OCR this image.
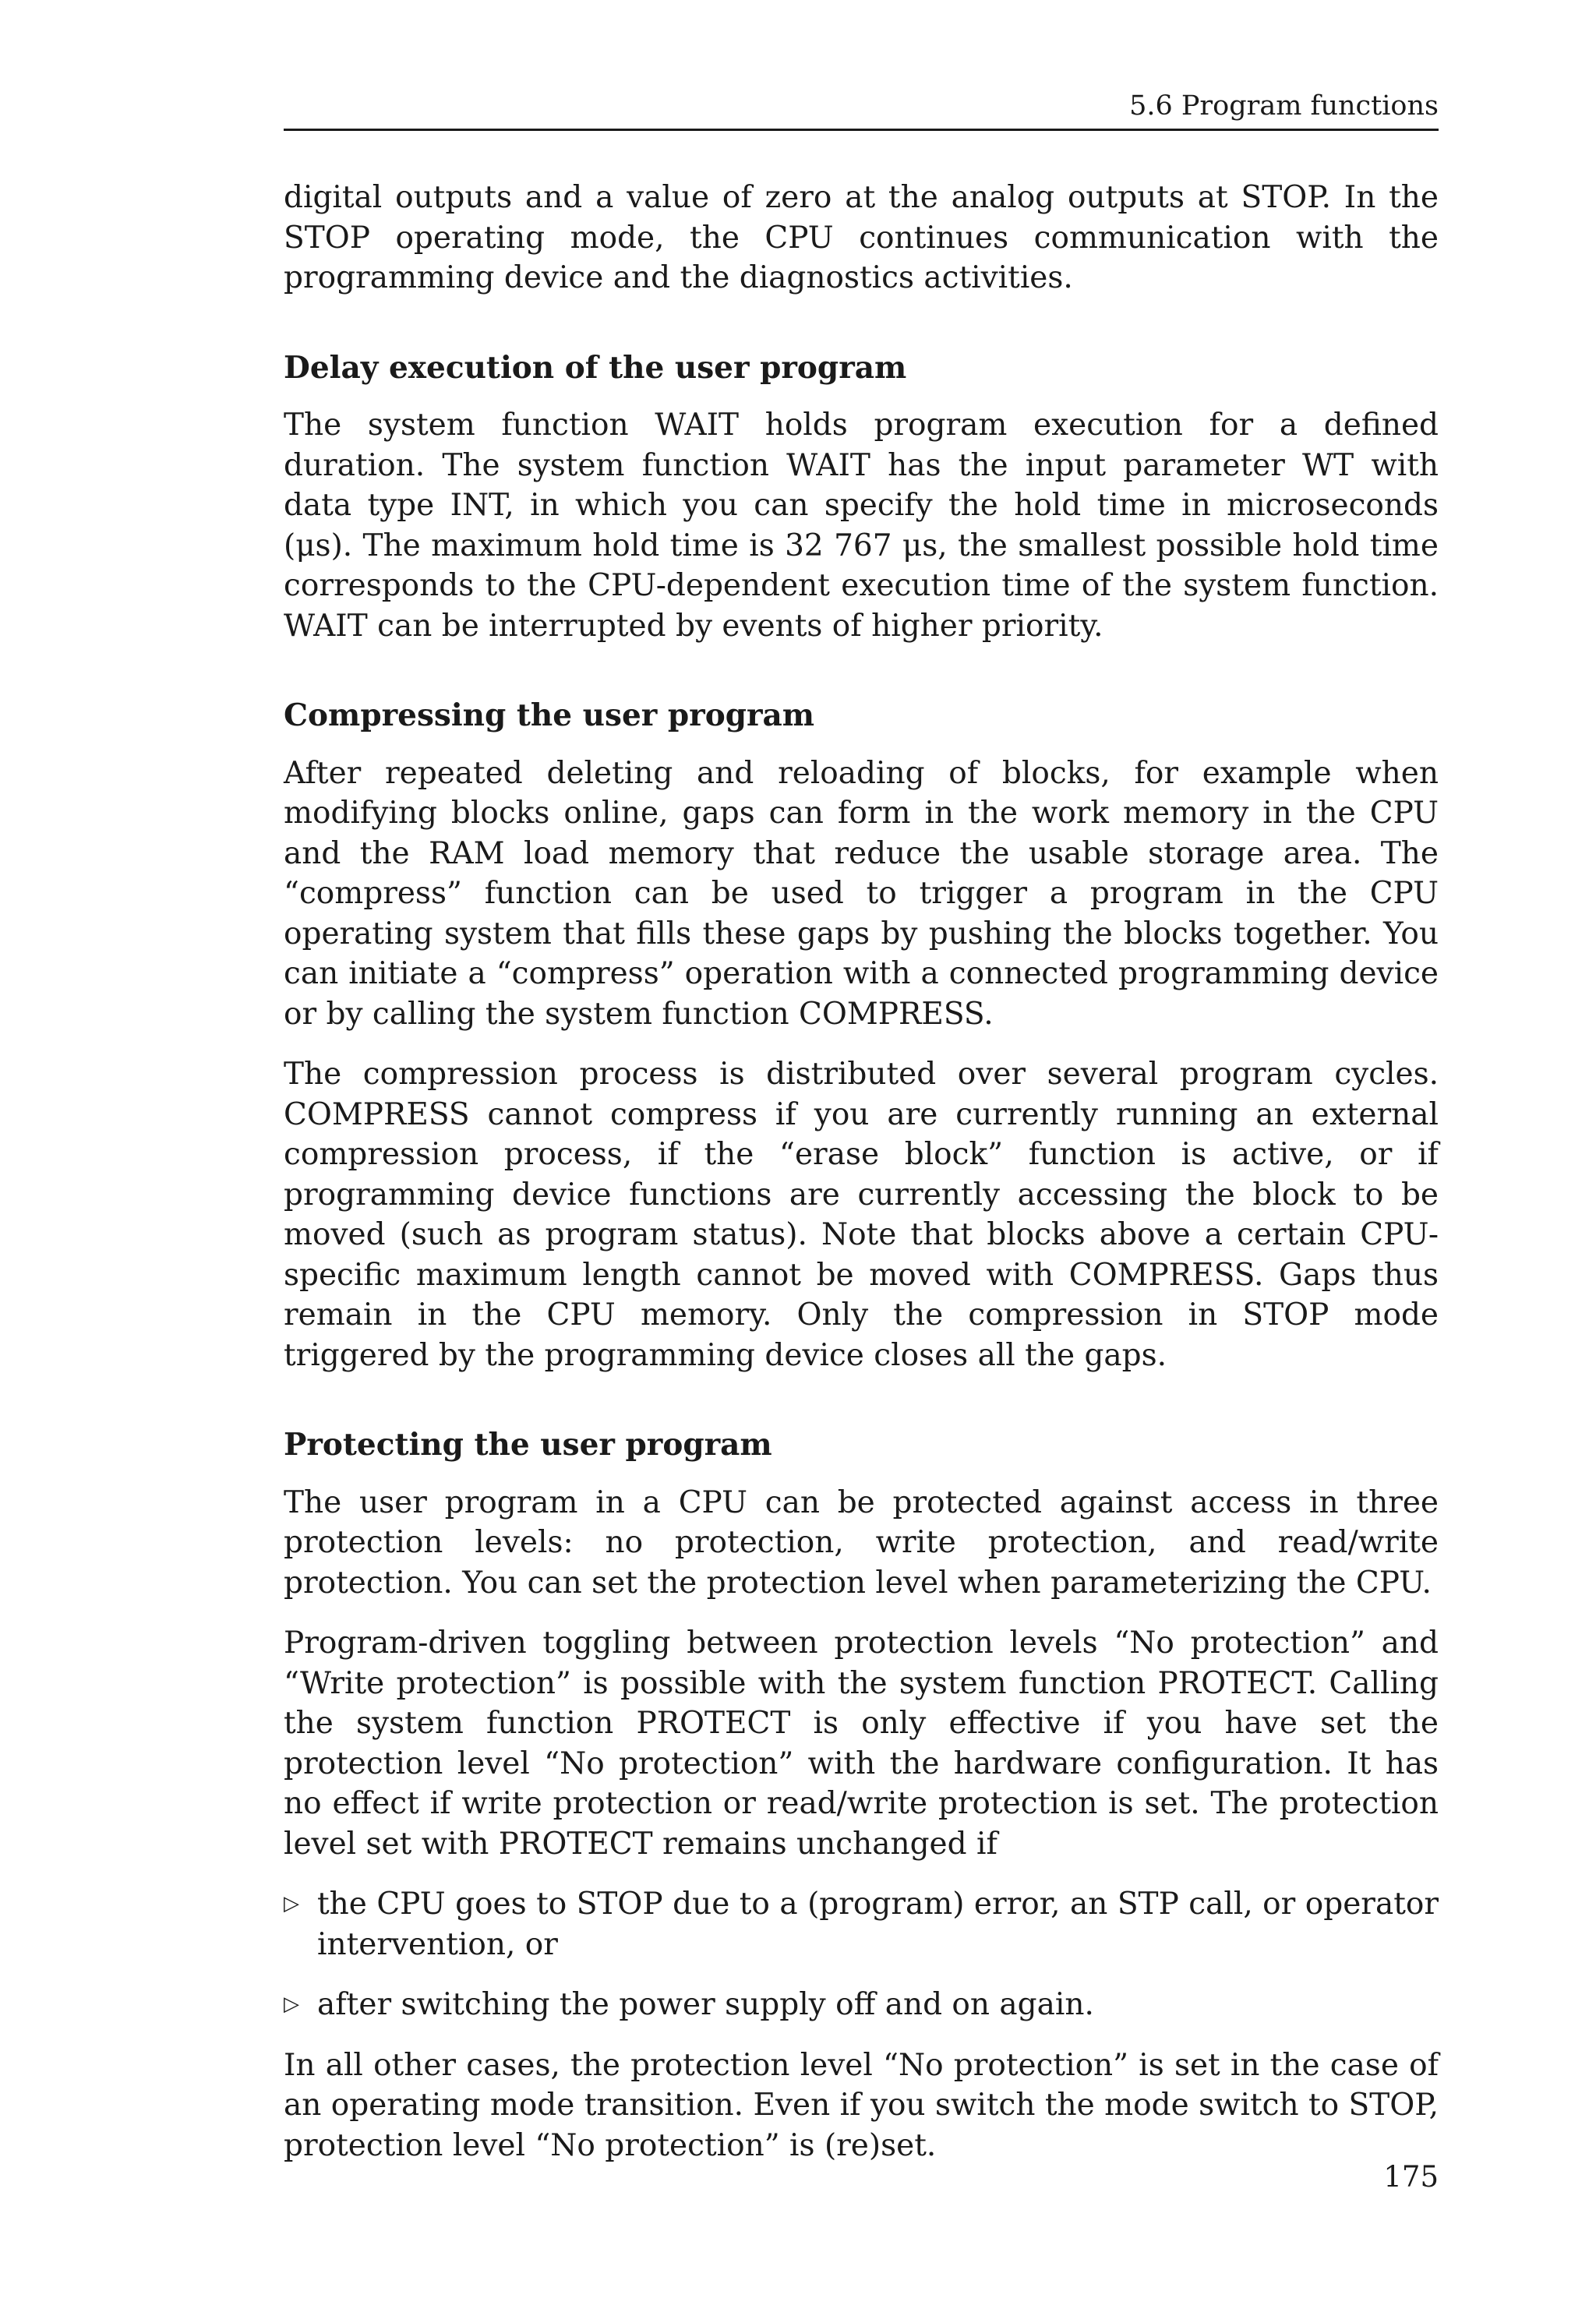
5.6 Program functions

digital outputs and a value of zero at the analog outputs at STOP. In the STOP operating mode, the CPU continues communication with the programming device and the diagnostics activities.

Delay execution of the user program

The system function WAIT holds program execution for a defined duration. The system function WAIT has the input parameter WT with data type INT, in which you can specify the hold time in microseconds (μs). The maximum hold time is 32 767 μs, the smallest possible hold time corresponds to the CPU-dependent execution time of the system function. WAIT can be interrupted by events of higher priority.

Compressing the user program

After repeated deleting and reloading of blocks, for example when modifying blocks online, gaps can form in the work memory in the CPU and the RAM load memory that reduce the usable storage area. The “compress” function can be used to trigger a program in the CPU operating system that fills these gaps by pushing the blocks together. You can initiate a “compress” operation with a connected programming device or by calling the system function COMPRESS.

The compression process is distributed over several program cycles. COMPRESS cannot compress if you are currently running an external compression process, if the “erase block” function is active, or if programming device functions are currently accessing the block to be moved (such as program status). Note that blocks above a certain CPU-specific maximum length cannot be moved with COMPRESS. Gaps thus remain in the CPU memory. Only the compression in STOP mode triggered by the programming device closes all the gaps.

Protecting the user program

The user program in a CPU can be protected against access in three protection levels: no protection, write protection, and read/write protection. You can set the protection level when parameterizing the CPU.

Program-driven toggling between protection levels “No protection” and “Write protection” is possible with the system function PROTECT. Calling the system function PROTECT is only effective if you have set the protection level “No protection” with the hardware configuration. It has no effect if write protection or read/write protection is set. The protection level set with PROTECT remains unchanged if

▷ the CPU goes to STOP due to a (program) error, an STP call, or operator intervention, or
▷ after switching the power supply off and on again.

In all other cases, the protection level “No protection” is set in the case of an operating mode transition. Even if you switch the mode switch to STOP, protection level “No protection” is (re)set.

175
